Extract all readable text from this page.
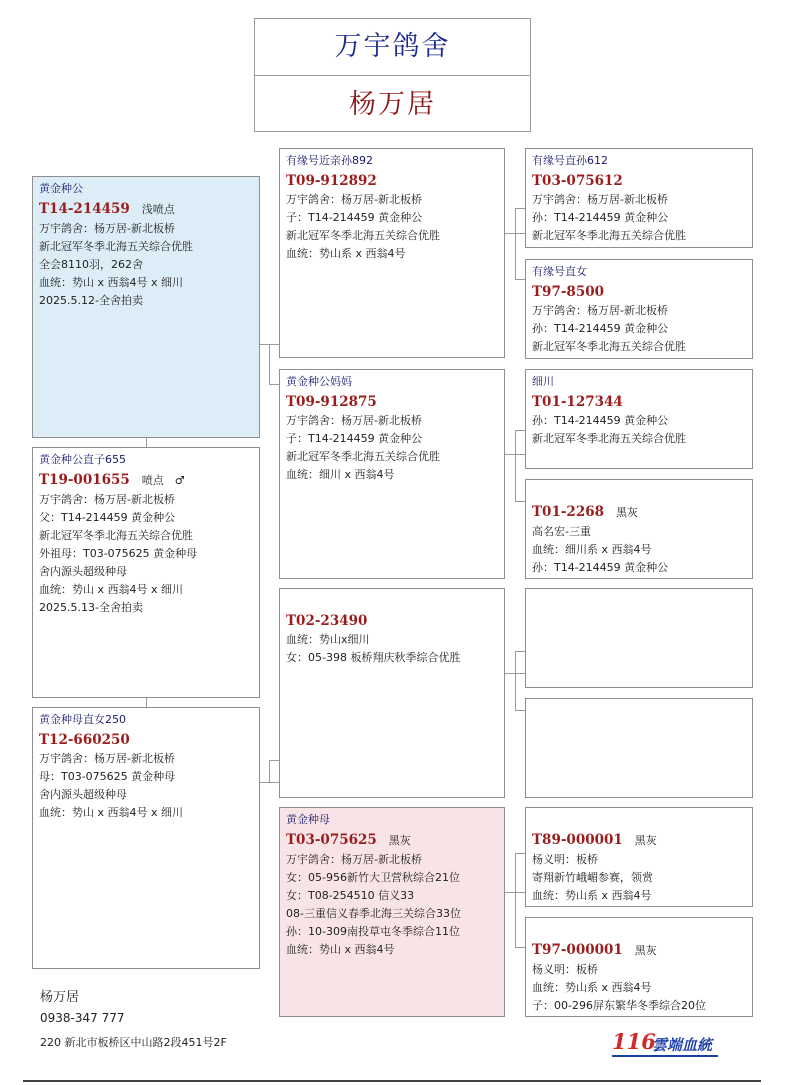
万宇鸽舍
杨万居
黄金种公
T14-214459 浅喷点
万宇鸽舍：杨万居-新北板桥
新北冠军冬季北海五关综合优胜
全会8110羽，262舍
血统：势山 x 西翁4号 x 细川
2025.5.12-全舍拍卖
黄金种公直子655
T19-001655 喷点　♂
万宇鸽舍：杨万居-新北板桥
父：T14-214459 黄金种公
新北冠军冬季北海五关综合优胜
外祖母：T03-075625 黄金种母
舍内源头超级种母
血统：势山 x 西翁4号 x 细川
2025.5.13-全舍拍卖
黄金种母直女250
T12-660250
万宇鸽舍：杨万居-新北板桥
母：T03-075625 黄金种母
舍内源头超级种母
血统：势山 x 西翁4号 x 细川
有缘号近亲孙892
T09-912892
万宇鸽舍：杨万居-新北板桥
子：T14-214459 黄金种公
新北冠军冬季北海五关综合优胜
血统：势山系 x 西翁4号
黄金种公妈妈
T09-912875
万宇鸽舍：杨万居-新北板桥
子：T14-214459 黄金种公
新北冠军冬季北海五关综合优胜
血统：细川 x 西翁4号

T02-23490
血统：势山x细川
女：05-398 板桥翔庆秋季综合优胜
黄金种母
T03-075625 黑灰
万宇鸽舍：杨万居-新北板桥
女：05-956新竹大卫营秋综合21位
女：T08-254510 信义33
08-三重信义春季北海三关综合33位
孙：10-309南投草屯冬季综合11位
血统：势山 x 西翁4号
有缘号直孙612
T03-075612
万宇鸽舍：杨万居-新北板桥
孙：T14-214459 黄金种公
新北冠军冬季北海五关综合优胜
有缘号直女
T97-8500
万宇鸽舍：杨万居-新北板桥
孙：T14-214459 黄金种公
新北冠军冬季北海五关综合优胜
细川
T01-127344
孙：T14-214459 黄金种公
新北冠军冬季北海五关综合优胜

T01-2268 黑灰
高名宏-三重
血统：细川系 x 西翁4号
孙：T14-214459 黄金种公

T89-000001 黑灰
杨义明：板桥
寄翔新竹峨嵋参赛，领赏
血统：势山系 x 西翁4号

T97-000001 黑灰
杨义明：板桥
血统：势山系 x 西翁4号
子：00-296屏东繁华冬季综合20位
杨万居
0938-347 777
220 新北市板桥区中山路2段451号2F	116
雲端血統
